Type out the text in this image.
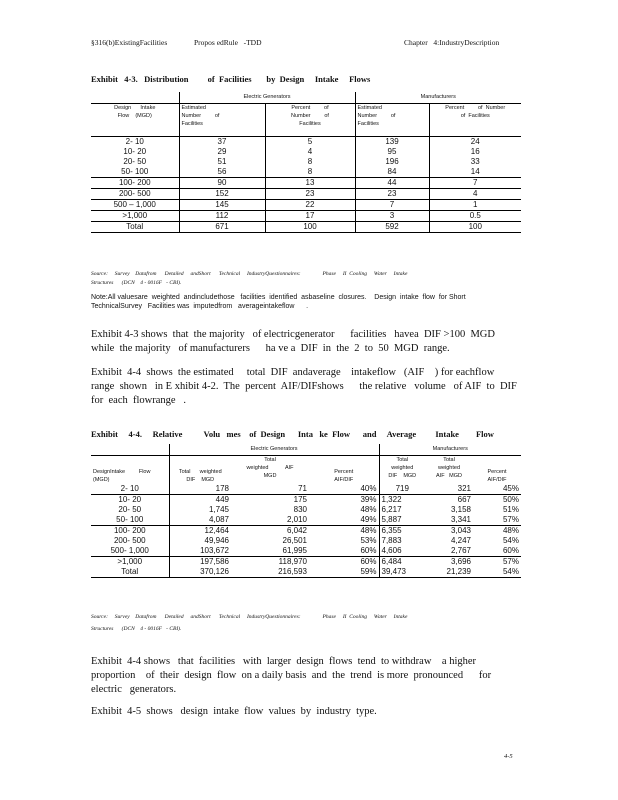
§316(b)ExistingFacilities	Propos edRule   -TDD	Chapter   4:IndustryDescription
Exhibit   4-3.   Distribution         of  Facilities       by  Design     Intake     Flows
	Electric Generators		Manufacturers	
Design      Intake
Flow    (MGD)	Estimated
Number         of
Facilities	Percent         of
Number         of
Facilities	Estimated
Number         of
Facilities	Percent         of  Number
of  Facilities
2- 10	37	5	139	24
10- 20	29	4	95	16
20- 50	51	8	196	33
50- 100	56	8	84	14
100- 200	90	13	44	7
200- 500	152	23	23	4
500 – 1,000	145	22	7	1
>1,000	112	17	3	0.5
Total	671	100	592	100
Source:     Survey    Datafrom      Detailed     andShort      Technical     IndustryQuestionnaires:                Phase     II  Cooling     Water     Intake
Structures      (DCN    4 - 0016F   - CBI).
Note:All valuesare  weighted  andincludethose   facilities  identified  asbaseline  closures.    Design  intake  flow  for Short
TechnicalSurvey   Facilities was  imputedfrom   averageintakeflow      .
Exhibit 4-3 shows  that  the majority   of electricgenerator      facilities   havea  DIF >100  MGD  while  the majority   of manufacturers      ha ve a  DIF  in  the  2  to  50  MGD  range.
Exhibit  4-4  shows  the estimated     total  DIF  andaverage    intakeflow   (AIF    ) for eachflow  range  shown   in E xhibit 4-2.  The  percent  AIF/DIFshows      the relative   volume   of AIF  to  DIF  for  each  flowrange   .
Exhibit     4-4.     Relative          Volu   mes    of  Design      Inta   ke  Flow      and     Average         Intake        Flow
	Electric Generators			Manufacturers		
DesignIntake         Flow
(MGD)	Total      weighted
DIF    MGD	Total
weighted           AIF
MGD	Percent
AIF/DIF	Total
weighted
DIF    MGD	Total
weighted
AIF   MGD	Percent
AIF/DIF
2- 10	178	71	40%	719	321	45%
10- 20	449	175	39%	1,322	667	50%
20- 50	1,745	830	48%	6,217	3,158	51%
50- 100	4,087	2,010	49%	5,887	3,341	57%
100- 200	12,464	6,042	48%	6,355	3,043	48%
200- 500	49,946	26,501	53%	7,883	4,247	54%
500- 1,000	103,672	61,995	60%	4,606	2,767	60%
>1,000	197,586	118,970	60%	6,484	3,696	57%
Total	370,126	216,593	59%	39,473	21,239	54%
Source:     Survey    Datafrom      Detailed     andShort      Technical     IndustryQuestionnaires:                Phase     II  Cooling     Water     Intake
Structures      (DCN    4 - 0016F   - CBI).
Exhibit  4-4 shows   that  facilities   with  larger  design  flows  tend  to withdraw    a higher  proportion    of  their  design  flow  on a daily basis  and  the  trend  is more  pronounced      for  electric   generators.
Exhibit  4-5  shows   design  intake  flow  values  by  industry  type.
4-5
